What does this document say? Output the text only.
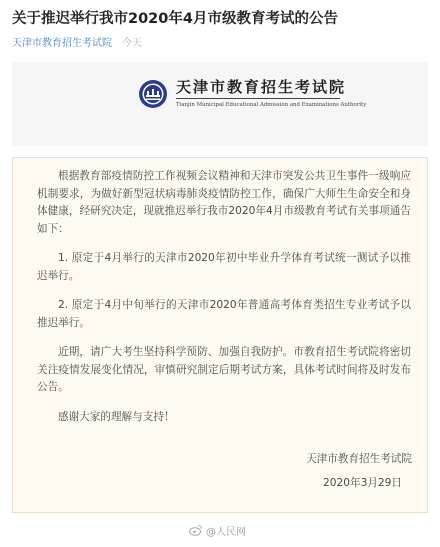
关于推迟举行我市2020年4月市级教育考试的公告
天津市教育招生考试院 今天
天津市教育招生考试院
Tianjin Municipal Educational Admission and Examinations Authority

根据教育部疫情防控工作视频会议精神和天津市突发公共卫生事件一级响应机制要求，为做好新型冠状病毒肺炎疫情防控工作，确保广大师生生命安全和身体健康，经研究决定，现就推迟举行我市2020年4月市级教育考试有关事项通告如下：

1. 原定于4月举行的天津市2020年初中毕业升学体育考试统一测试予以推迟举行。

2. 原定于4月中旬举行的天津市2020年普通高考体育类招生专业考试予以推迟举行。

近期，请广大考生坚持科学预防、加强自我防护。市教育招生考试院将密切关注疫情发展变化情况，审慎研究制定后期考试方案，具体考试时间将及时发布公告。

感谢大家的理解与支持！

天津市教育招生考试院
2020年3月29日
@人民网
